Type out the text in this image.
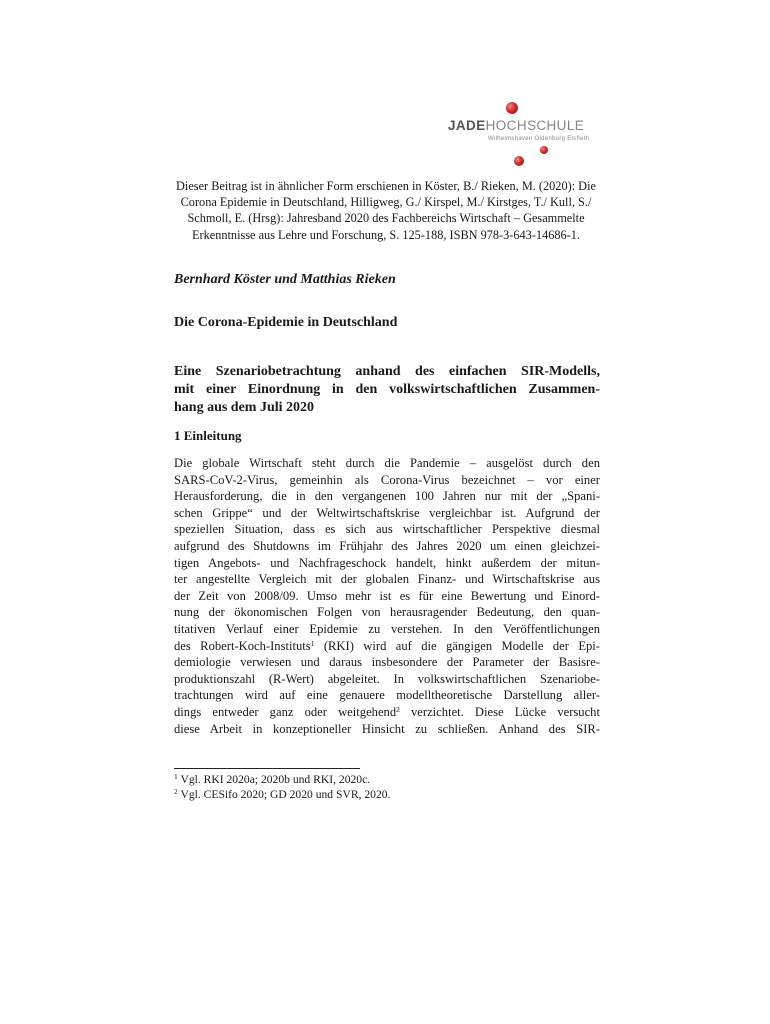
JADEHOCHSCHULE
Wilhelmshaven Oldenburg Elsfleth
Dieser Beitrag ist in ähnlicher Form erschienen in Köster, B./ Rieken, M. (2020): Die Corona Epidemie in Deutschland, Hilligweg, G./ Kirspel, M./ Kirstges, T./ Kull, S./ Schmoll, E. (Hrsg): Jahresband 2020 des Fachbereichs Wirtschaft – Gesammelte Erkenntnisse aus Lehre und Forschung, S. 125-188, ISBN 978-3-643-14686-1.
Bernhard Köster und Matthias Rieken
Die Corona-Epidemie in Deutschland
Eine Szenariobetrachtung anhand des einfachen SIR-Modells,
mit einer Einordnung in den volkswirtschaftlichen Zusammen-
hang aus dem Juli 2020
1 Einleitung
Die globale Wirtschaft steht durch die Pandemie – ausgelöst durch den
SARS-CoV-2-Virus, gemeinhin als Corona-Virus bezeichnet – vor einer
Herausforderung, die in den vergangenen 100 Jahren nur mit der „Spani-
schen Grippe“ und der Weltwirtschaftskrise vergleichbar ist. Aufgrund der
speziellen Situation, dass es sich aus wirtschaftlicher Perspektive diesmal
aufgrund des Shutdowns im Frühjahr des Jahres 2020 um einen gleichzei-
tigen Angebots- und Nachfrageschock handelt, hinkt außerdem der mitun-
ter angestellte Vergleich mit der globalen Finanz- und Wirtschaftskrise aus
der Zeit von 2008/09. Umso mehr ist es für eine Bewertung und Einord-
nung der ökonomischen Folgen von herausragender Bedeutung, den quan-
titativen Verlauf einer Epidemie zu verstehen. In den Veröffentlichungen
des Robert-Koch-Instituts$^1$ (RKI) wird auf die gängigen Modelle der Epi-
demiologie verwiesen und daraus insbesondere der Parameter der Basisre-
produktionszahl (R-Wert) abgeleitet. In volkswirtschaftlichen Szenariobe-
trachtungen wird auf eine genauere modelltheoretische Darstellung aller-
dings entweder ganz oder weitgehend$^2$ verzichtet. Diese Lücke versucht
diese Arbeit in konzeptioneller Hinsicht zu schließen. Anhand des SIR-
$^1$ Vgl. RKI 2020a; 2020b und RKI, 2020c.
$^2$ Vgl. CESifo 2020; GD 2020 und SVR, 2020.
